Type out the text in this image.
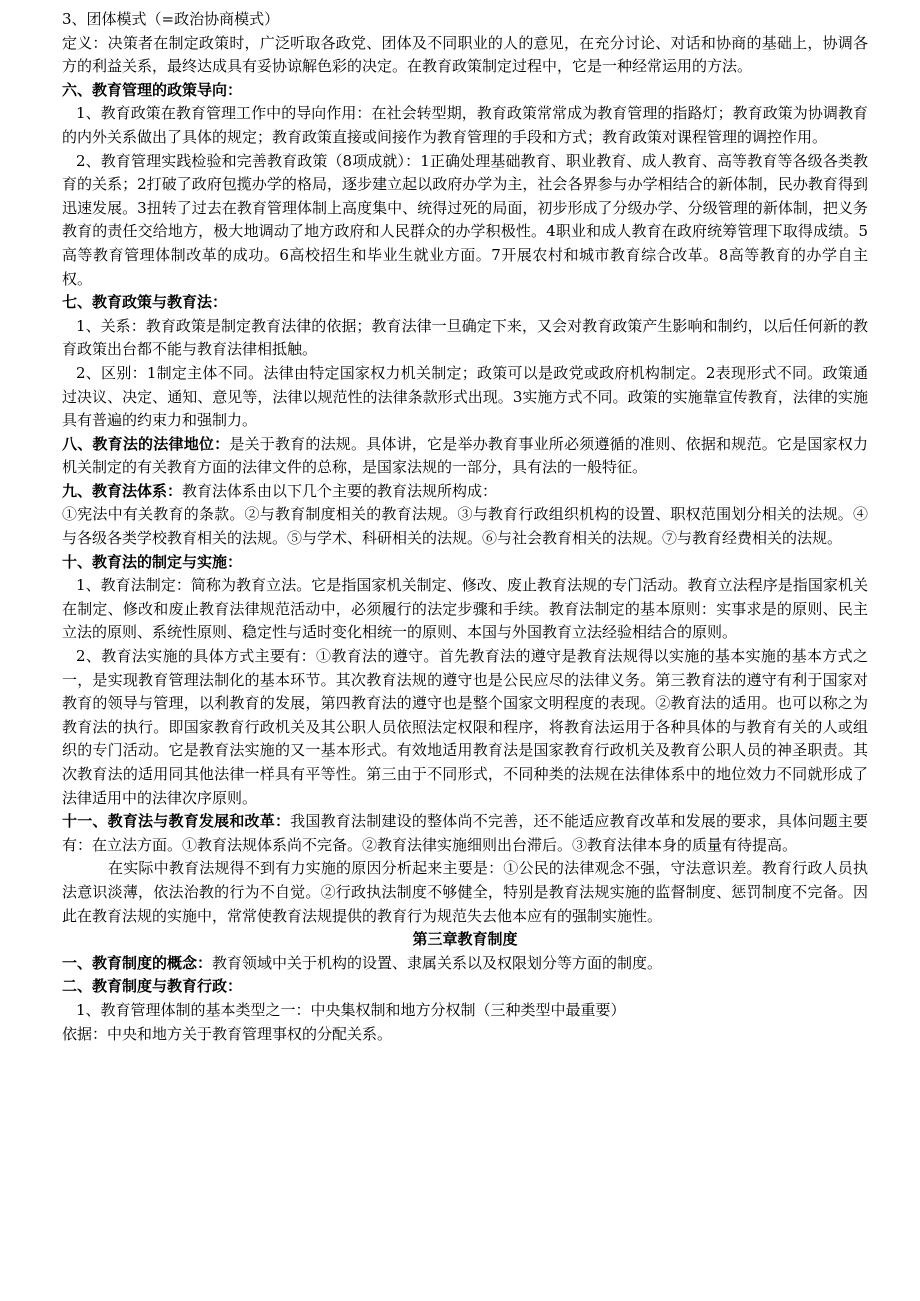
3、团体模式（=政治协商模式）

定义：决策者在制定政策时，广泛听取各政党、团体及不同职业的人的意见，在充分讨论、对话和协商的基础上，协调各方的利益关系，最终达成具有妥协谅解色彩的决定。在教育政策制定过程中，它是一种经常运用的方法。

六、教育管理的政策导向：

1、教育政策在教育管理工作中的导向作用：在社会转型期，教育政策常常成为教育管理的指路灯；教育政策为协调教育的内外关系做出了具体的规定；教育政策直接或间接作为教育管理的手段和方式；教育政策对课程管理的调控作用。

2、教育管理实践检验和完善教育政策（8项成就）：1正确处理基础教育、职业教育、成人教育、高等教育等各级各类教育的关系；2打破了政府包揽办学的格局，逐步建立起以政府办学为主，社会各界参与办学相结合的新体制，民办教育得到迅速发展。3扭转了过去在教育管理体制上高度集中、统得过死的局面，初步形成了分级办学、分级管理的新体制，把义务教育的责任交给地方，极大地调动了地方政府和人民群众的办学积极性。4职业和成人教育在政府统筹管理下取得成绩。5高等教育管理体制改革的成功。6高校招生和毕业生就业方面。7开展农村和城市教育综合改革。8高等教育的办学自主权。

七、教育政策与教育法：

1、关系：教育政策是制定教育法律的依据；教育法律一旦确定下来，又会对教育政策产生影响和制约，以后任何新的教育政策出台都不能与教育法律相抵触。

2、区别：1制定主体不同。法律由特定国家权力机关制定；政策可以是政党或政府机构制定。2表现形式不同。政策通过决议、决定、通知、意见等，法律以规范性的法律条款形式出现。3实施方式不同。政策的实施靠宣传教育，法律的实施具有普遍的约束力和强制力。

八、教育法的法律地位：是关于教育的法规。具体讲，它是举办教育事业所必须遵循的准则、依据和规范。它是国家权力机关制定的有关教育方面的法律文件的总称，是国家法规的一部分，具有法的一般特征。

九、教育法体系：教育法体系由以下几个主要的教育法规所构成：

①宪法中有关教育的条款。②与教育制度相关的教育法规。③与教育行政组织机构的设置、职权范围划分相关的法规。④与各级各类学校教育相关的法规。⑤与学术、科研相关的法规。⑥与社会教育相关的法规。⑦与教育经费相关的法规。

十、教育法的制定与实施：

1、教育法制定：简称为教育立法。它是指国家机关制定、修改、废止教育法规的专门活动。教育立法程序是指国家机关在制定、修改和废止教育法律规范活动中，必须履行的法定步骤和手续。教育法制定的基本原则：实事求是的原则、民主立法的原则、系统性原则、稳定性与适时变化相统一的原则、本国与外国教育立法经验相结合的原则。

2、教育法实施的具体方式主要有：①教育法的遵守。首先教育法的遵守是教育法规得以实施的基本实施的基本方式之一，是实现教育管理法制化的基本环节。其次教育法规的遵守也是公民应尽的法律义务。第三教育法的遵守有利于国家对教育的领导与管理，以利教育的发展，第四教育法的遵守也是整个国家文明程度的表现。②教育法的适用。也可以称之为教育法的执行。即国家教育行政机关及其公职人员依照法定权限和程序，将教育法运用于各种具体的与教育有关的人或组织的专门活动。它是教育法实施的又一基本形式。有效地适用教育法是国家教育行政机关及教育公职人员的神圣职责。其次教育法的适用同其他法律一样具有平等性。第三由于不同形式，不同种类的法规在法律体系中的地位效力不同就形成了法律适用中的法律次序原则。

十一、教育法与教育发展和改革：我国教育法制建设的整体尚不完善，还不能适应教育改革和发展的要求，具体问题主要有：在立法方面。①教育法规体系尚不完备。②教育法律实施细则出台滞后。③教育法律本身的质量有待提高。

在实际中教育法规得不到有力实施的原因分析起来主要是：①公民的法律观念不强，守法意识差。教育行政人员执法意识淡薄，依法治教的行为不自觉。②行政执法制度不够健全，特别是教育法规实施的监督制度、惩罚制度不完备。因此在教育法规的实施中，常常使教育法规提供的教育行为规范失去他本应有的强制实施性。

第三章教育制度

一、教育制度的概念：教育领域中关于机构的设置、隶属关系以及权限划分等方面的制度。

二、教育制度与教育行政：

1、教育管理体制的基本类型之一：中央集权制和地方分权制（三种类型中最重要）

依据：中央和地方关于教育管理事权的分配关系。
